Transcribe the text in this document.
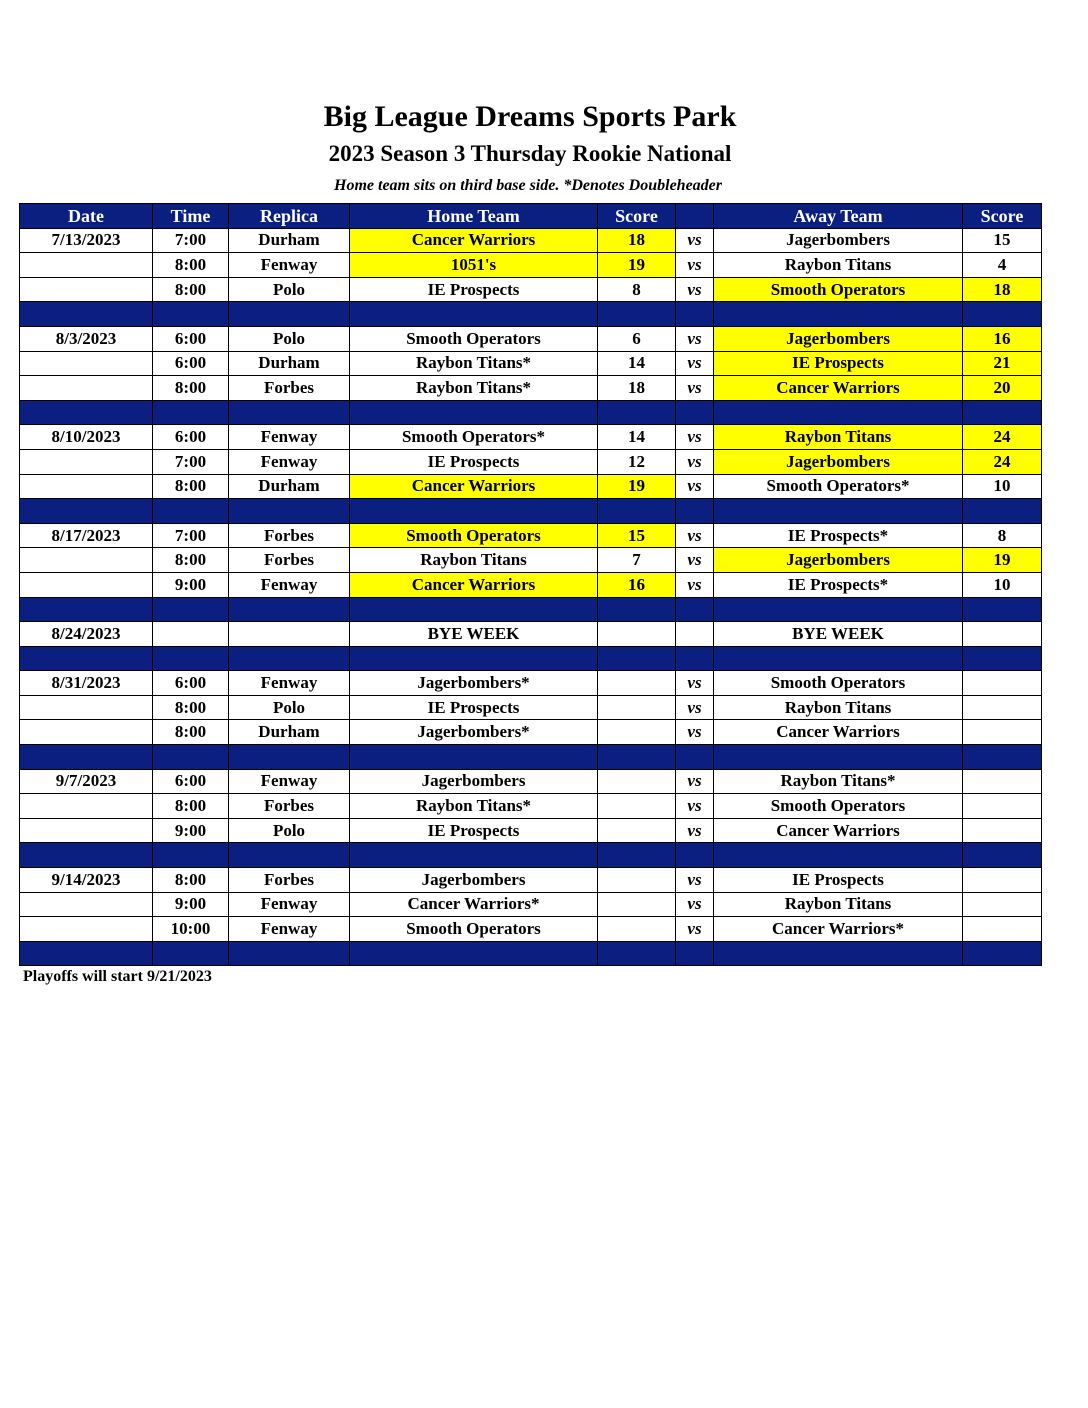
Big League Dreams Sports Park
2023 Season 3 Thursday Rookie National
Home team sits on third base side. *Denotes Doubleheader
Date	Time	Replica	Home Team	Score		Away Team	Score
7/13/2023	7:00	Durham	Cancer Warriors	18	vs	Jagerbombers	15
	8:00	Fenway	1051's	19	vs	Raybon Titans	4
	8:00	Polo	IE Prospects	8	vs	Smooth Operators	18

8/3/2023	6:00	Polo	Smooth Operators	6	vs	Jagerbombers	16
	6:00	Durham	Raybon Titans*	14	vs	IE Prospects	21
	8:00	Forbes	Raybon Titans*	18	vs	Cancer Warriors	20

8/10/2023	6:00	Fenway	Smooth Operators*	14	vs	Raybon Titans	24
	7:00	Fenway	IE Prospects	12	vs	Jagerbombers	24
	8:00	Durham	Cancer Warriors	19	vs	Smooth Operators*	10

8/17/2023	7:00	Forbes	Smooth Operators	15	vs	IE Prospects*	8
	8:00	Forbes	Raybon Titans	7	vs	Jagerbombers	19
	9:00	Fenway	Cancer Warriors	16	vs	IE Prospects*	10

8/24/2023			BYE WEEK			BYE WEEK	

8/31/2023	6:00	Fenway	Jagerbombers*		vs	Smooth Operators	
	8:00	Polo	IE Prospects		vs	Raybon Titans	
	8:00	Durham	Jagerbombers*		vs	Cancer Warriors	

9/7/2023	6:00	Fenway	Jagerbombers		vs	Raybon Titans*	
	8:00	Forbes	Raybon Titans*		vs	Smooth Operators	
	9:00	Polo	IE Prospects		vs	Cancer Warriors	

9/14/2023	8:00	Forbes	Jagerbombers		vs	IE Prospects	
	9:00	Fenway	Cancer Warriors*		vs	Raybon Titans	
	10:00	Fenway	Smooth Operators		vs	Cancer Warriors*	

Playoffs will start 9/21/2023
